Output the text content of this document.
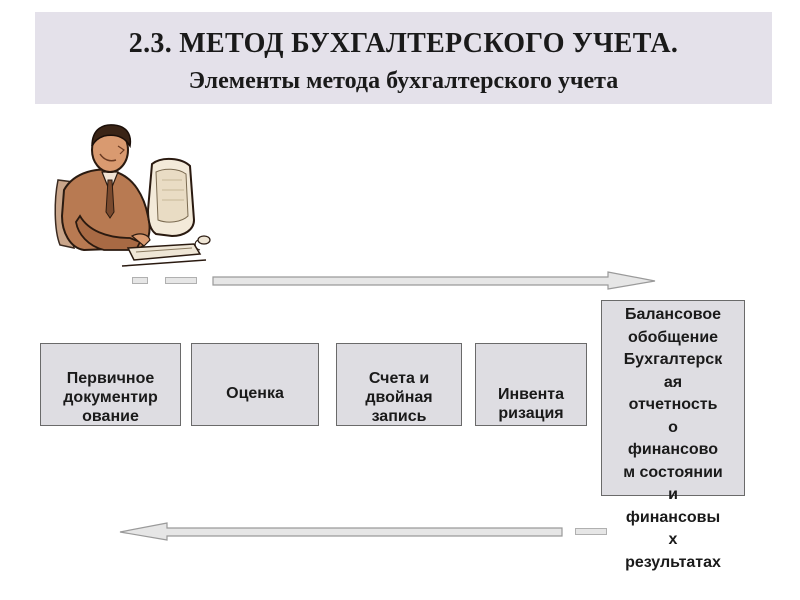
2.3. МЕТОД БУХГАЛТЕРСКОГО УЧЕТА.
Элементы метода бухгалтерского учета

Первичное
документир
ование

Оценка

Счета и
двойная
запись

Инвента
ризация

Балансовое
обобщение
Бухгалтерск
ая
отчетность
о
финансово
м состоянии
и
финансовы
х
результатах
